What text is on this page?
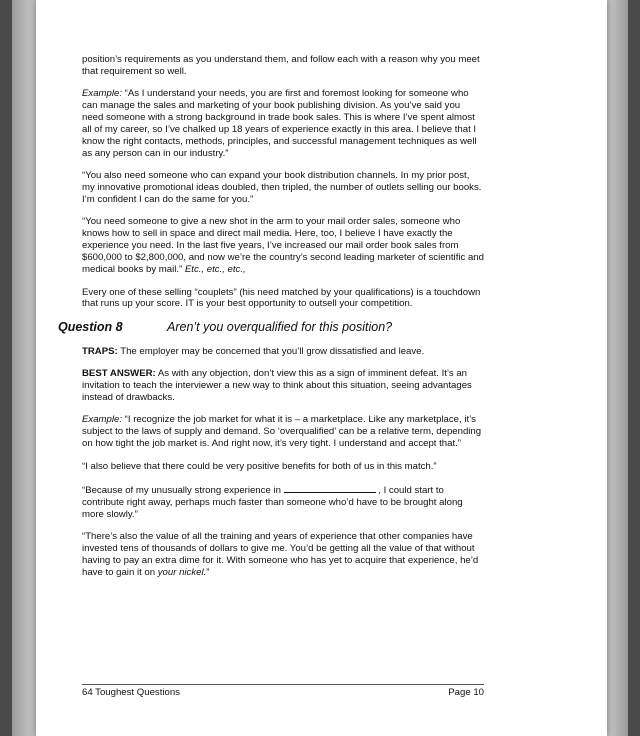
position’s requirements as you understand them, and follow each with a reason why you meet that requirement so well.

Example: “As I understand your needs, you are first and foremost looking for someone who can manage the sales and marketing of your book publishing division. As you’ve said you need someone with a strong background in trade book sales. This is where I’ve spent almost all of my career, so I’ve chalked up 18 years of experience exactly in this area. I believe that I know the right contacts, methods, principles, and successful management techniques as well as any person can in our industry.”

“You also need someone who can expand your book distribution channels. In my prior post, my innovative promotional ideas doubled, then tripled, the number of outlets selling our books. I’m confident I can do the same for you.”

“You need someone to give a new shot in the arm to your mail order sales, someone who knows how to sell in space and direct mail media. Here, too, I believe I have exactly the experience you need. In the last five years, I’ve increased our mail order book sales from $600,000 to $2,800,000, and now we’re the country’s second leading marketer of scientific and medical books by mail.” Etc., etc., etc.,

Every one of these selling “couplets” (his need matched by your qualifications) is a touchdown that runs up your score. IT is your best opportunity to outsell your competition.

Question 8	Aren’t you overqualified for this position?

TRAPS: The employer may be concerned that you’ll grow dissatisfied and leave.

BEST ANSWER: As with any objection, don’t view this as a sign of imminent defeat. It’s an invitation to teach the interviewer a new way to think about this situation, seeing advantages instead of drawbacks.

Example: “I recognize the job market for what it is – a marketplace. Like any marketplace, it’s subject to the laws of supply and demand. So ‘overqualified’ can be a relative term, depending on how tight the job market is. And right now, it’s very tight. I understand and accept that.”

“I also believe that there could be very positive benefits for both of us in this match.”

“Because of my unusually strong experience in	, I could start to contribute right away, perhaps much faster than someone who’d have to be brought along more slowly.”

“There’s also the value of all the training and years of experience that other companies have invested tens of thousands of dollars to give me. You’d be getting all the value of that without having to pay an extra dime for it. With someone who has yet to acquire that experience, he’d have to gain it on your nickel.”

64 Toughest Questions	Page 10
